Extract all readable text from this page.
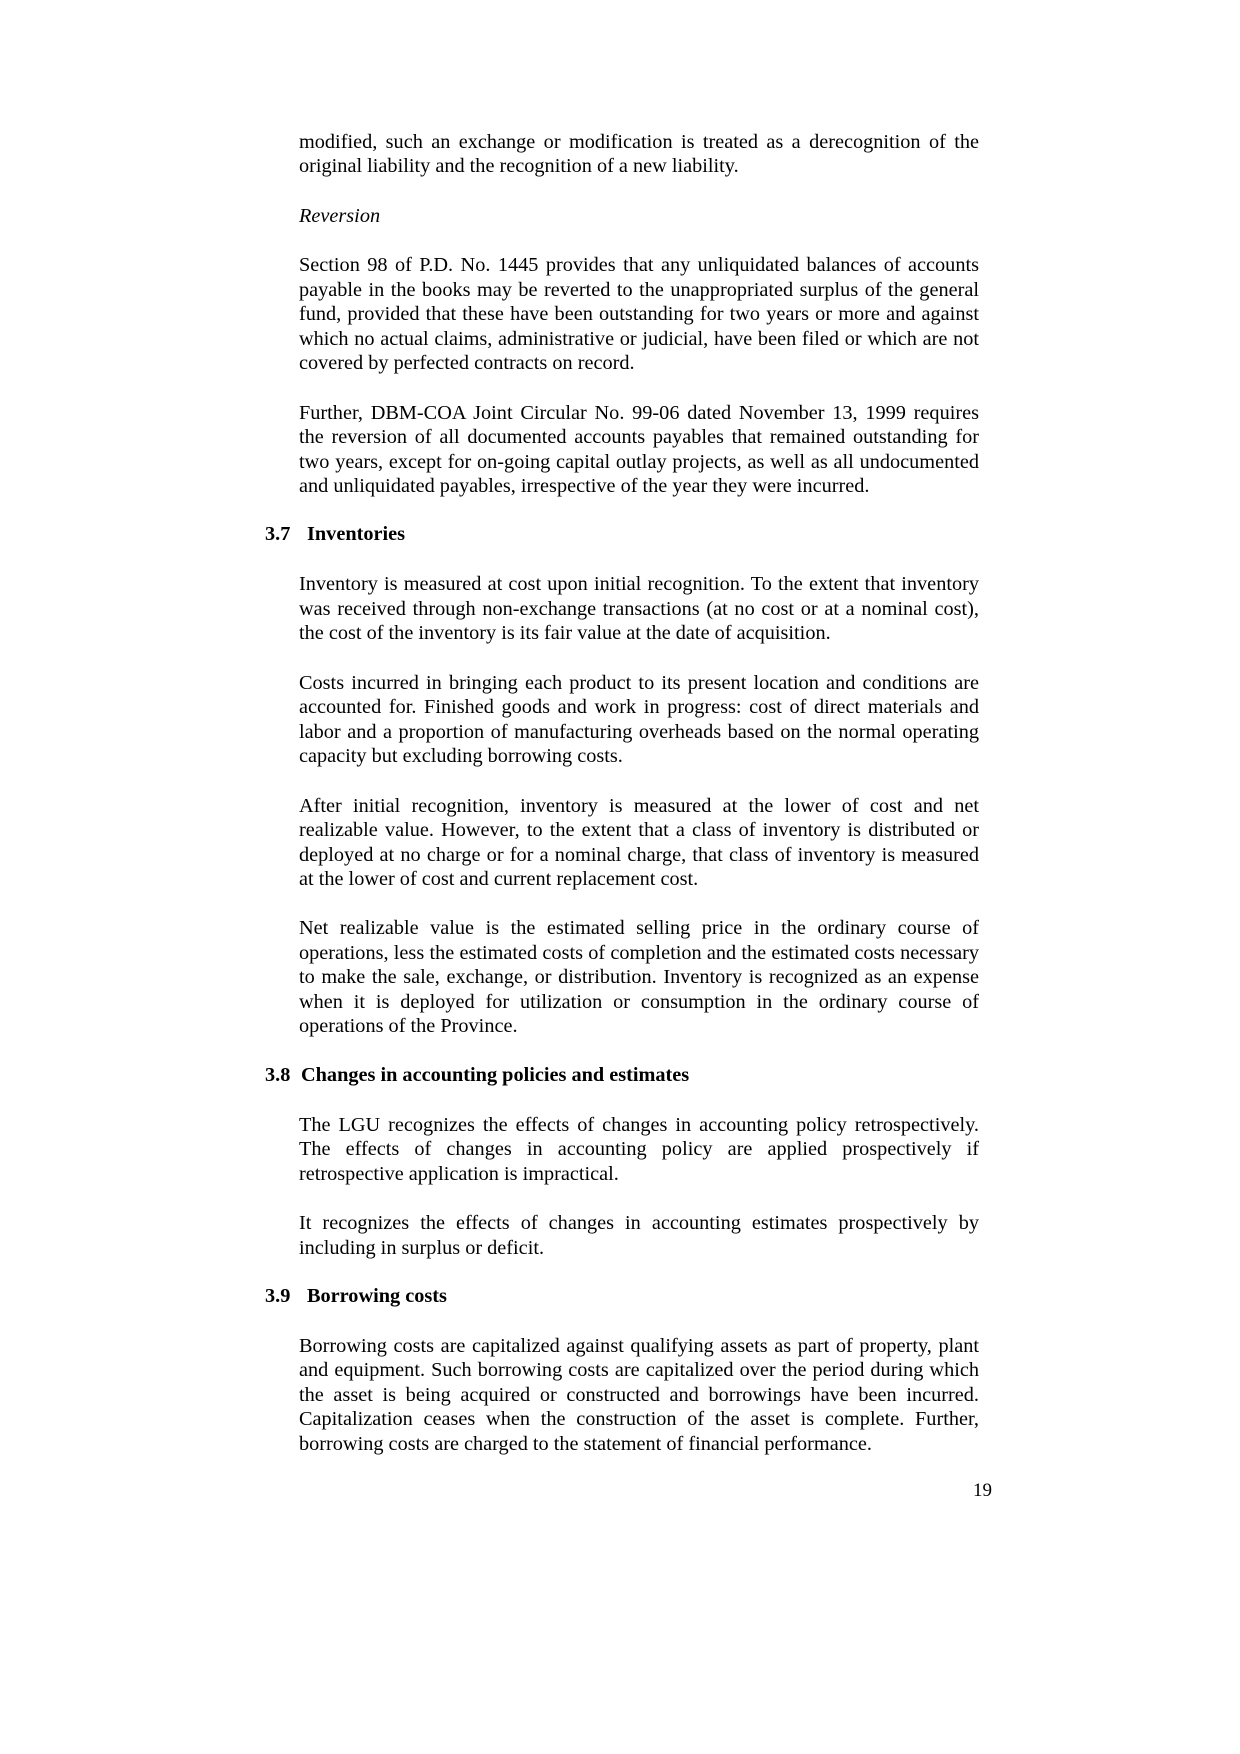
modified, such an exchange or modification is treated as a derecognition of the original liability and the recognition of a new liability.

Reversion

Section 98 of P.D. No. 1445 provides that any unliquidated balances of accounts payable in the books may be reverted to the unappropriated surplus of the general fund, provided that these have been outstanding for two years or more and against which no actual claims, administrative or judicial, have been filed or which are not covered by perfected contracts on record.

Further, DBM-COA Joint Circular No. 99-06 dated November 13, 1999 requires the reversion of all documented accounts payables that remained outstanding for two years, except for on-going capital outlay projects, as well as all undocumented and unliquidated payables, irrespective of the year they were incurred.

3.7 Inventories

Inventory is measured at cost upon initial recognition. To the extent that inventory was received through non-exchange transactions (at no cost or at a nominal cost), the cost of the inventory is its fair value at the date of acquisition.

Costs incurred in bringing each product to its present location and conditions are accounted for. Finished goods and work in progress: cost of direct materials and labor and a proportion of manufacturing overheads based on the normal operating capacity but excluding borrowing costs.

After initial recognition, inventory is measured at the lower of cost and net realizable value. However, to the extent that a class of inventory is distributed or deployed at no charge or for a nominal charge, that class of inventory is measured at the lower of cost and current replacement cost.

Net realizable value is the estimated selling price in the ordinary course of operations, less the estimated costs of completion and the estimated costs necessary to make the sale, exchange, or distribution. Inventory is recognized as an expense when it is deployed for utilization or consumption in the ordinary course of operations of the Province.

3.8 Changes in accounting policies and estimates

The LGU recognizes the effects of changes in accounting policy retrospectively. The effects of changes in accounting policy are applied prospectively if retrospective application is impractical.

It recognizes the effects of changes in accounting estimates prospectively by including in surplus or deficit.

3.9 Borrowing costs

Borrowing costs are capitalized against qualifying assets as part of property, plant and equipment. Such borrowing costs are capitalized over the period during which the asset is being acquired or constructed and borrowings have been incurred. Capitalization ceases when the construction of the asset is complete. Further, borrowing costs are charged to the statement of financial performance.

19
